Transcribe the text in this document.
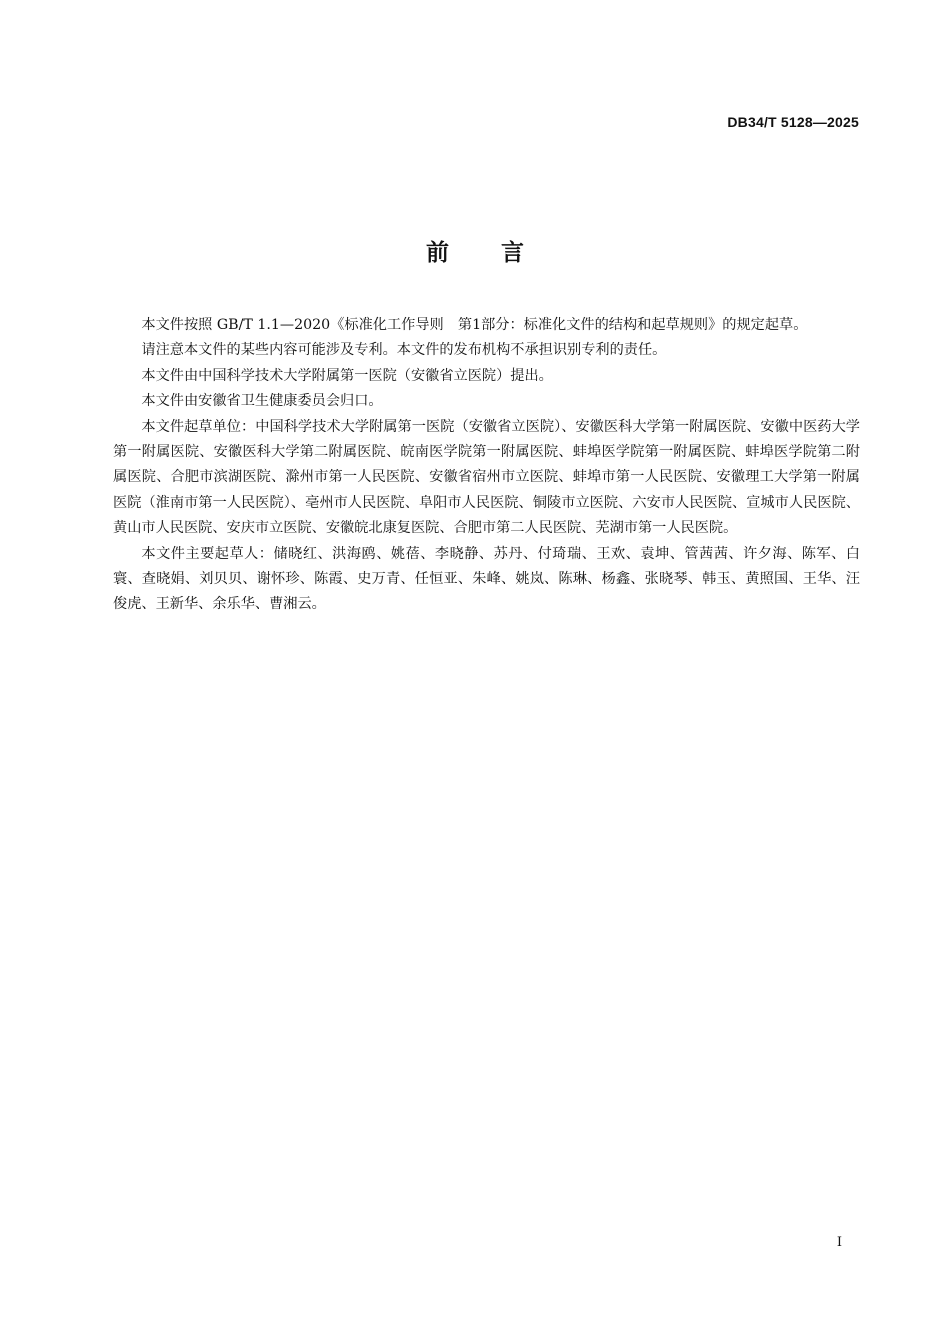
DB34/T 5128—2025

前言

本文件按照 GB/T 1.1—2020《标准化工作导则　第1部分：标准化文件的结构和起草规则》的规定起草。

请注意本文件的某些内容可能涉及专利。本文件的发布机构不承担识别专利的责任。

本文件由中国科学技术大学附属第一医院（安徽省立医院）提出。

本文件由安徽省卫生健康委员会归口。

本文件起草单位：中国科学技术大学附属第一医院（安徽省立医院）、安徽医科大学第一附属医院、安徽中医药大学第一附属医院、安徽医科大学第二附属医院、皖南医学院第一附属医院、蚌埠医学院第一附属医院、蚌埠医学院第二附属医院、合肥市滨湖医院、滁州市第一人民医院、安徽省宿州市立医院、蚌埠市第一人民医院、安徽理工大学第一附属医院（淮南市第一人民医院）、亳州市人民医院、阜阳市人民医院、铜陵市立医院、六安市人民医院、宣城市人民医院、黄山市人民医院、安庆市立医院、安徽皖北康复医院、合肥市第二人民医院、芜湖市第一人民医院。

本文件主要起草人：储晓红、洪海鸥、姚蓓、李晓静、苏丹、付琦瑞、王欢、袁坤、管茜茜、许夕海、陈军、白寰、查晓娟、刘贝贝、谢怀珍、陈霞、史万青、任恒亚、朱峰、姚岚、陈琳、杨鑫、张晓琴、韩玉、黄照国、王华、汪俊虎、王新华、余乐华、曹湘云。

I
